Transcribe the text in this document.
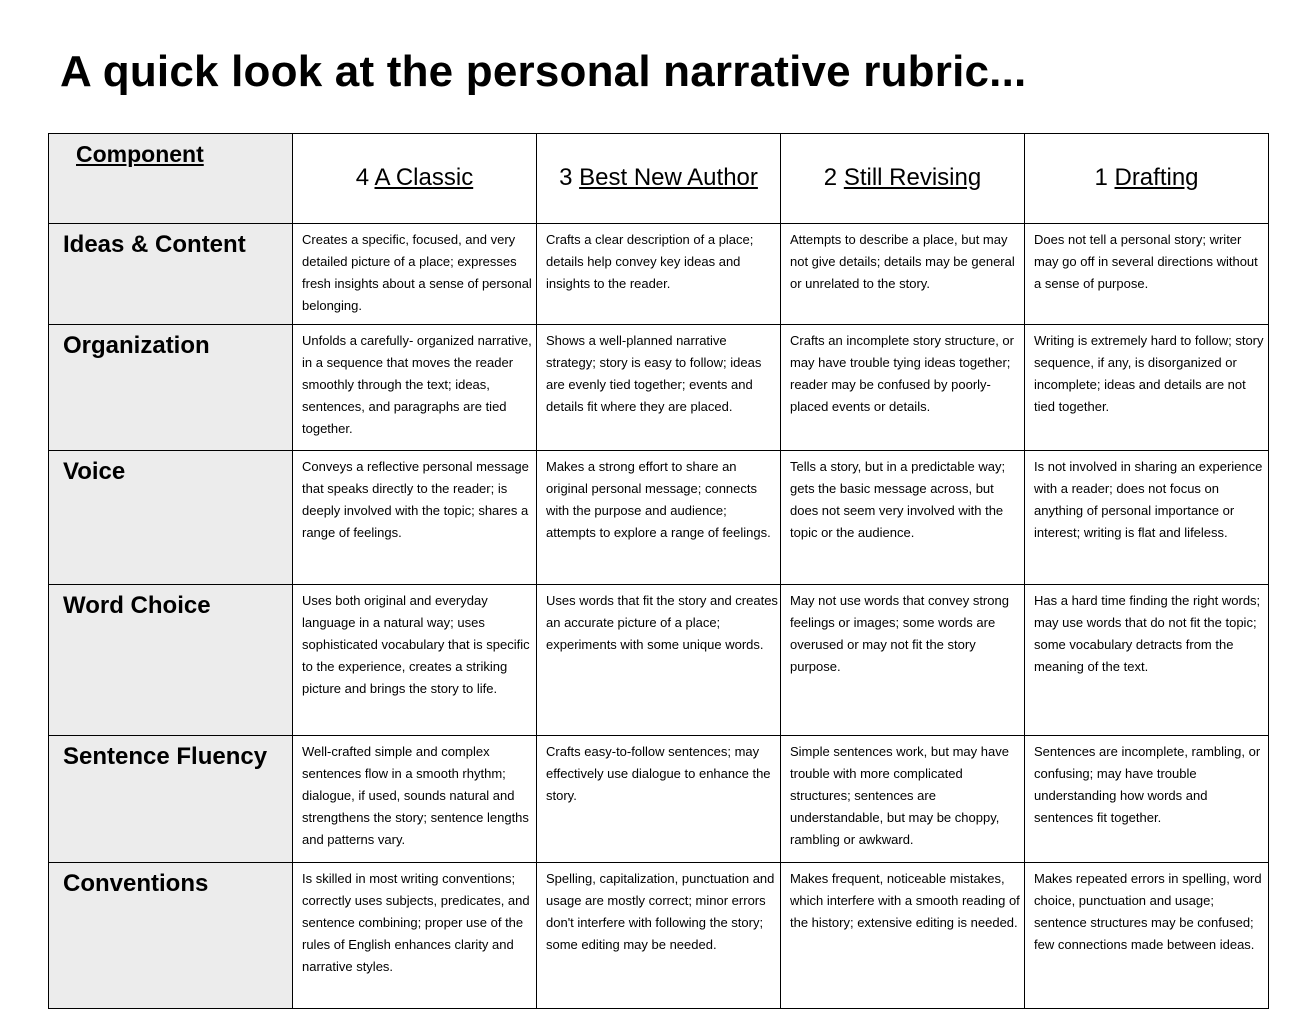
A quick look at the personal narrative rubric...
Component	4 A Classic	3 Best New Author	2 Still Revising	1 Drafting
Ideas & Content	Creates a specific, focused, and very detailed picture of a place; expresses fresh insights about a sense of personal belonging.	Crafts a clear description of a place; details help convey key ideas and insights to the reader.	Attempts to describe a place, but may not give details; details may be general or unrelated to the story.	Does not tell a personal story; writer may go off in several directions without a sense of purpose.
Organization	Unfolds a carefully- organized narrative, in a sequence that moves the reader smoothly through the text; ideas, sentences, and paragraphs are tied together.	Shows a well-planned narrative strategy; story is easy to follow; ideas are evenly tied together; events and details fit where they are placed.	Crafts an incomplete story structure, or may have trouble tying ideas together; reader may be confused by poorly-placed events or details.	Writing is extremely hard to follow; story sequence, if any, is disorganized or incomplete; ideas and details are not tied together.
Voice	Conveys a reflective personal message that speaks directly to the reader; is deeply involved with the topic; shares a range of feelings.	Makes a strong effort to share an original personal message; connects with the purpose and audience; attempts to explore a range of feelings.	Tells a story, but in a predictable way; gets the basic message across, but does not seem very involved with the topic or the audience.	Is not involved in sharing an experience with a reader; does not focus on anything of personal importance or interest; writing is flat and lifeless.
Word Choice	Uses both original and everyday language in a natural way; uses sophisticated vocabulary that is specific to the experience, creates a striking picture and brings the story to life.	Uses words that fit the story and creates an accurate picture of a place; experiments with some unique words.	May not use words that convey strong feelings or images; some words are overused or may not fit the story purpose.	Has a hard time finding the right words; may use words that do not fit the topic; some vocabulary detracts from the meaning of the text.
Sentence Fluency	Well-crafted simple and complex sentences flow in a smooth rhythm; dialogue, if used, sounds natural and strengthens the story; sentence lengths and patterns vary.	Crafts easy-to-follow sentences; may effectively use dialogue to enhance the story.	Simple sentences work, but may have trouble with more complicated structures; sentences are understandable, but may be choppy, rambling or awkward.	Sentences are incomplete, rambling, or confusing; may have trouble understanding how words and sentences fit together.
Conventions	Is skilled in most writing conventions; correctly uses subjects, predicates, and sentence combining; proper use of the rules of English enhances clarity and narrative styles.	Spelling, capitalization, punctuation and usage are mostly correct; minor errors don't interfere with following the story; some editing may be needed.	Makes frequent, noticeable mistakes, which interfere with a smooth reading of the history; extensive editing is needed.	Makes repeated errors in spelling, word choice, punctuation and usage; sentence structures may be confused; few connections made between ideas.
